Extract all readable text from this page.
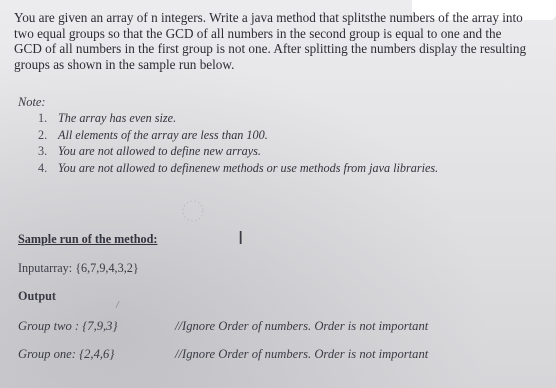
You are given an array of n integers. Write a java method that splitsthe numbers of the array into
two equal groups so that the GCD of all numbers in the second group is equal to one and the
GCD of all numbers in the first group is not one. After splitting the numbers display the resulting
groups as shown in the sample run below.
Note:
1. The array has even size.
2. All elements of the array are less than 100.
3. You are not allowed to define new arrays.
4. You are not allowed to definenew methods or use methods from java libraries.
I
Sample run of the method:
Inputarray: {6,7,9,4,3,2}
Output
/
Group two : {7,9,3}	//Ignore Order of numbers. Order is not important
Group one: {2,4,6}	//Ignore Order of numbers. Order is not important
